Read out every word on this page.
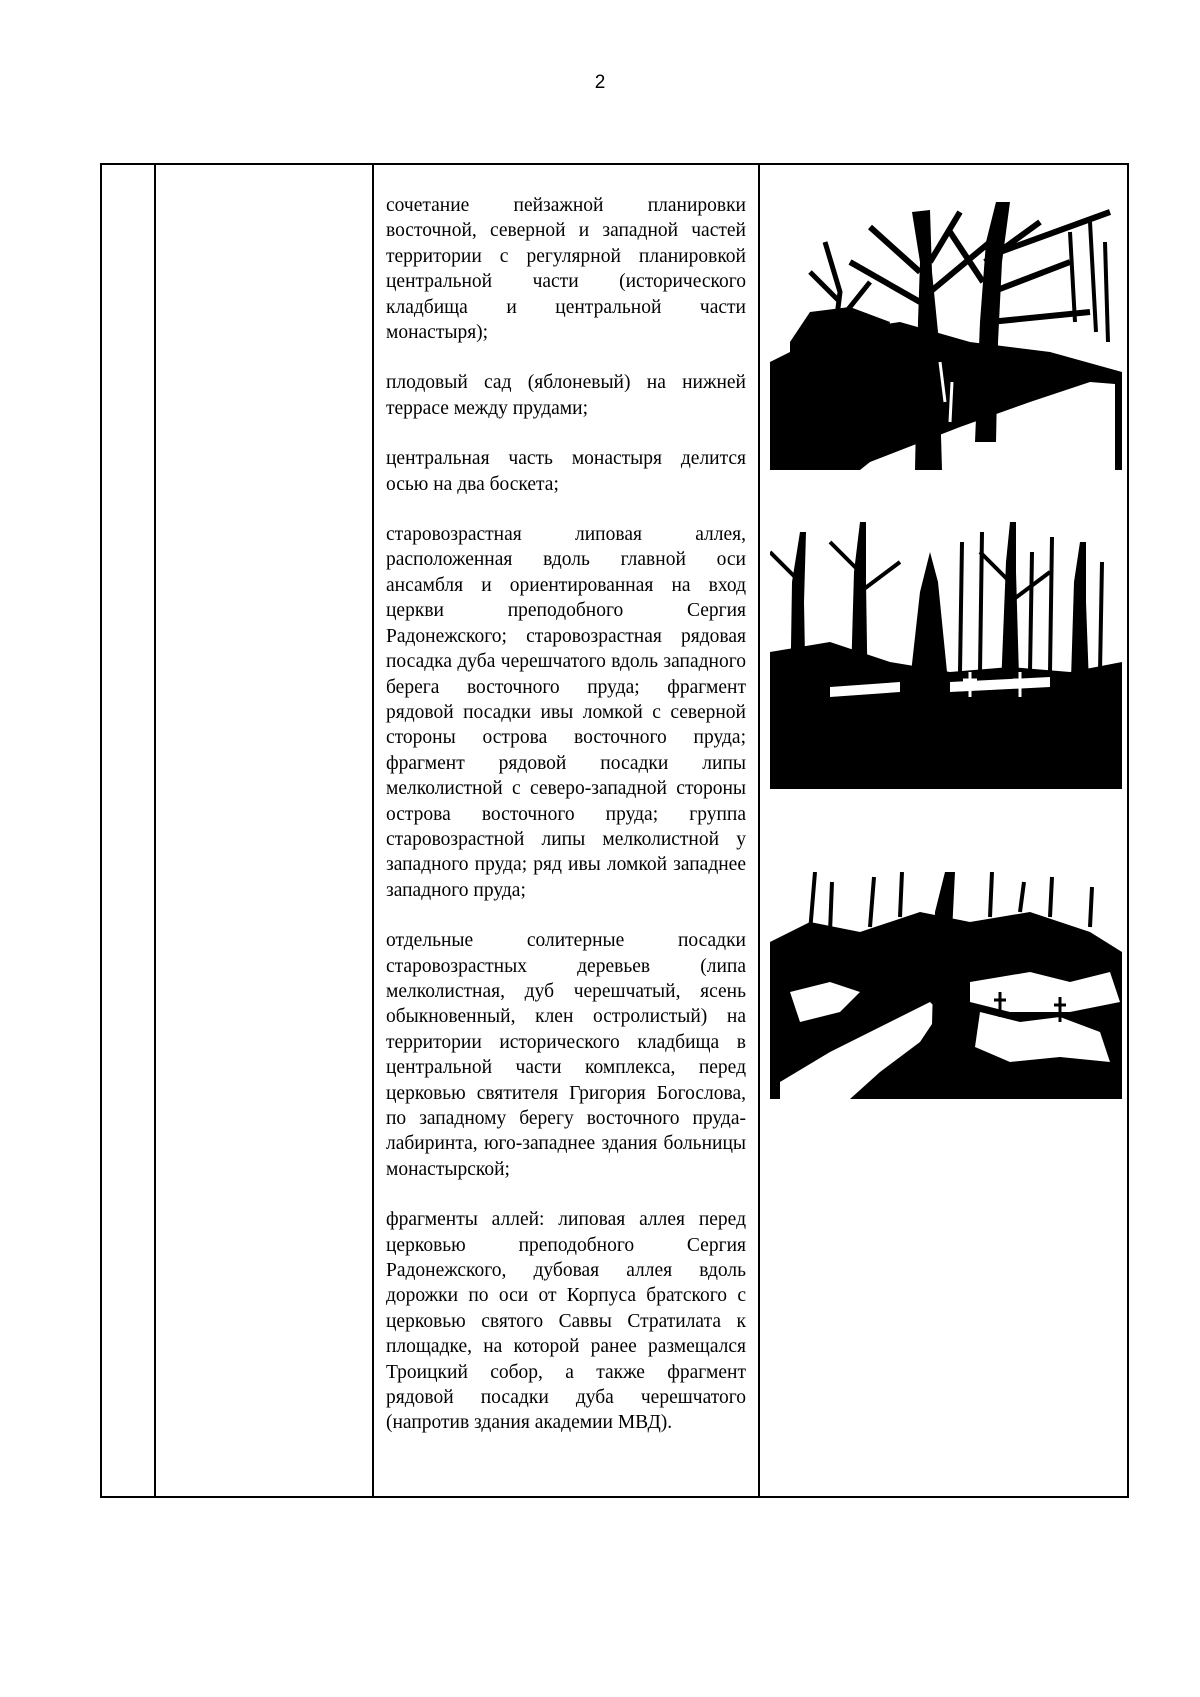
2

сочетание пейзажной планировки восточной, северной и западной частей территории с регулярной планировкой центральной части (исторического кладбища и центральной части монастыря);

плодовый сад (яблоневый) на нижней террасе между прудами;

центральная часть монастыря делится осью на два боскета;

старовозрастная липовая аллея, расположенная вдоль главной оси ансамбля и ориентированная на вход церкви преподобного Сергия Радонежского; старовозрастная рядовая посадка дуба черешчатого вдоль западного берега восточного пруда; фрагмент рядовой посадки ивы ломкой с северной стороны острова восточного пруда; фрагмент рядовой посадки липы мелколистной с северо-западной стороны острова восточного пруда; группа старовозрастной липы мелколистной у западного пруда; ряд ивы ломкой западнее западного пруда;

отдельные солитерные посадки старовозрастных деревьев (липа мелколистная, дуб черешчатый, ясень обыкновенный, клен остролистый) на территории исторического кладбища в центральной части комплекса, перед церковью святителя Григория Богослова, по западному берегу восточного пруда-лабиринта, юго-западнее здания больницы монастырской;

фрагменты аллей: липовая аллея перед церковью преподобного Сергия Радонежского, дубовая аллея вдоль дорожки по оси от Корпуса братского с церковью святого Саввы Стратилата к площадке, на которой ранее размещался Троицкий собор, а также фрагмент рядовой посадки дуба черешчатого (напротив здания академии МВД).
